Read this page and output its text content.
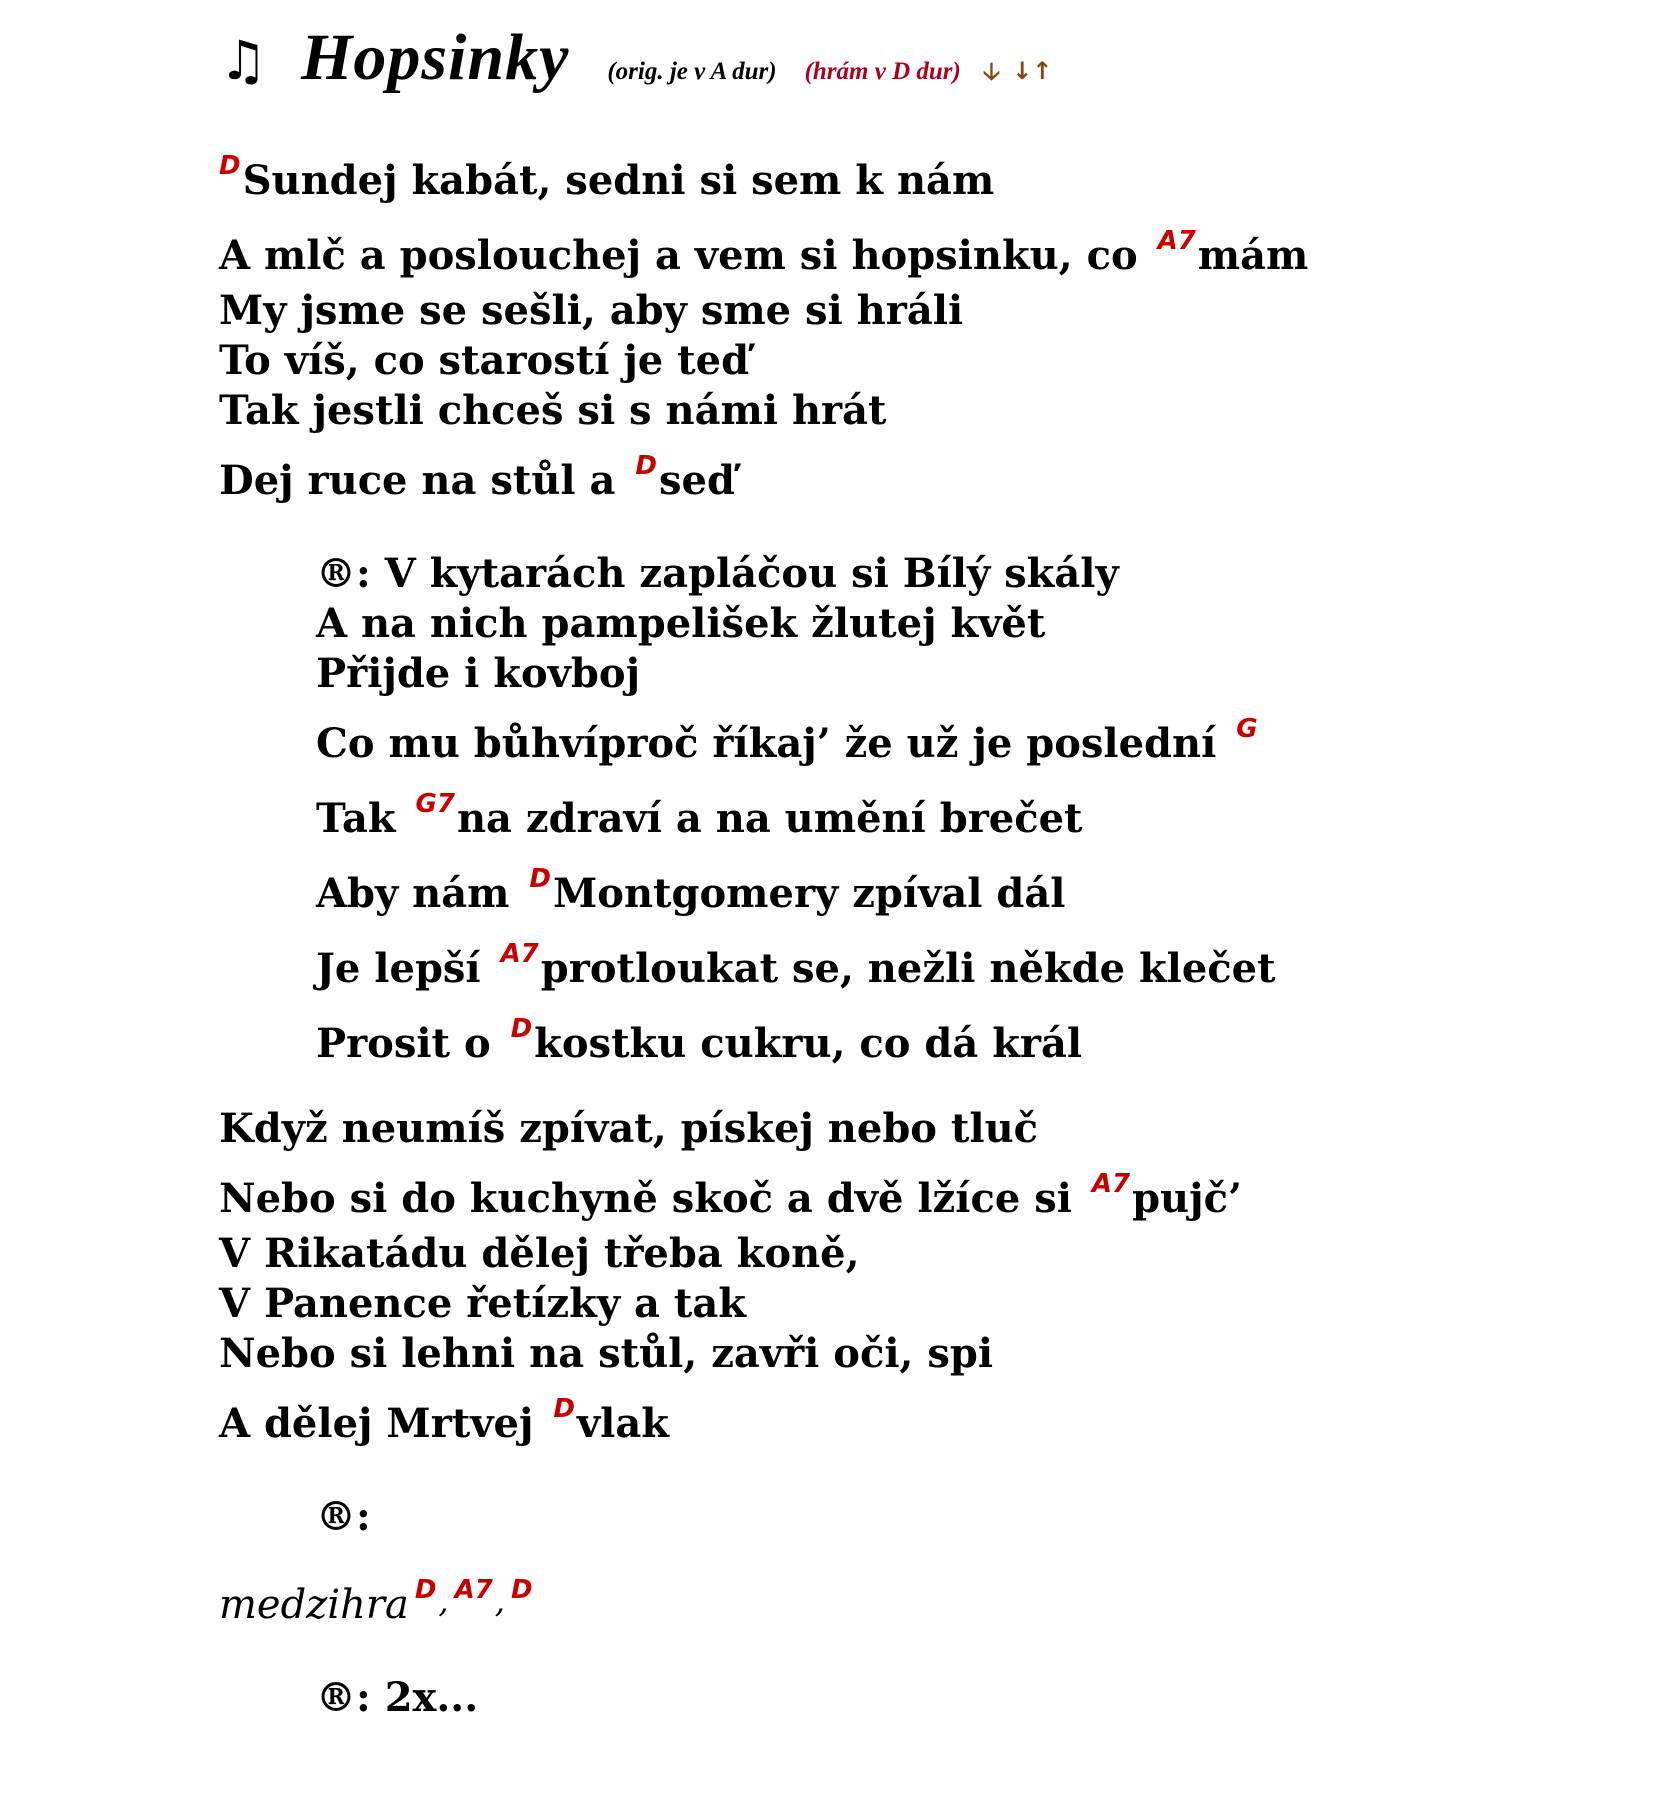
♫ Hopsinky (orig. je v A dur) (hrám v D dur) 🡣 ↓↑
$^D$Sundej kabát, sedni si sem k nám
A mlč a poslouchej a vem si hopsinku, co $^{A7}$mám
My jsme se sešli, aby sme si hráli
To víš, co starostí je teď
Tak jestli chceš si s námi hrát
Dej ruce na stůl a $^D$seď
®: V kytarách zapláčou si Bílý skály
A na nich pampelišek žlutej květ
Přijde i kovboj
Co mu bůhvíproč říkaj’ že už je poslední $^G$
Tak $^{G7}$na zdraví a na umění brečet
Aby nám $^D$Montgomery zpíval dál
Je lepší $^{A7}$protloukat se, nežli někde klečet
Prosit o $^D$kostku cukru, co dá král
Když neumíš zpívat, pískej nebo tluč
Nebo si do kuchyně skoč a dvě lžíce si $^{A7}$pujč’
V Rikatádu dělej třeba koně,
V Panence řetízky a tak
Nebo si lehni na stůl, zavři oči, spi
A dělej Mrtvej $^D$vlak
®:
medzihra $^D$, $^{A7}$, $^D$
®: 2x...
